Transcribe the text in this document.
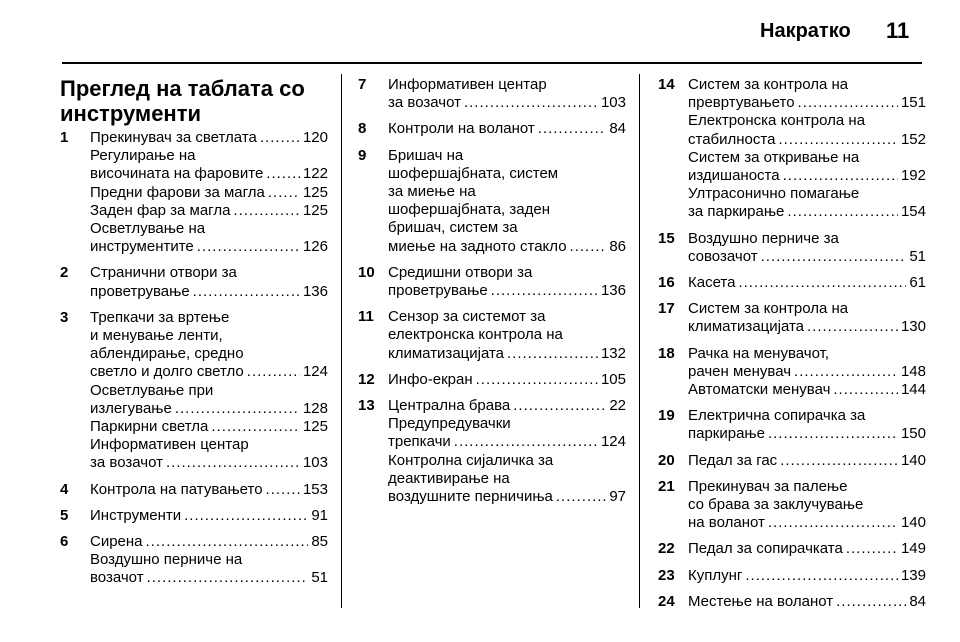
Накратко 11
Преглед на таблата со инструменти
1	Прекинувач за светлата .....	120
Регулирање на
височината на фаровите .....	122
Предни фарови за магла .....	125
Заден фар за магла .....	125
Осветлување на
инструментите .....	126
2	Странични отвори за
проветрување .....	136
3	Трепкачи за вртење
и менување ленти,
аблендирање, средно
светло и долго светло .....	124
Осветлување при
излегување .....	128
Паркирни светла .....	125
Информативен центар
за возачот .....	103
4	Контрола на патувањето .....	153
5	Инструменти .....	91
6	Сирена .....	85
Воздушно перниче на
возачот .....	51
7	Информативен центар
за возачот .....	103
8	Контроли на воланот .....	84
9	Бришач на
шофершајбната, систем
за миење на
шофершајбната, заден
бришач, систем за
миење на задното стакло .....	86
10 Средишни отвори за
проветрување .....	136
11 Сензор за системот за
електронска контрола на
климатизацијата .....	132
12 Инфо-екран .....	105
13 Централна брава .....	22
Предупредувачки
трепкачи .....	124
Контролна сијаличка за
деактивирање на
воздушните перничиња .....	97
14 Систем за контрола на
превртувањето .....	151
Електронска контрола на
стабилноста .....	152
Систем за откривање на
издишаноста .....	192
Ултрасонично помагање
за паркирање .....	154
15 Воздушно перниче за
совозачот .....	51
16 Касета .....	61
17 Систем за контрола на
климатизацијата .....	130
18 Рачка на менувачот,
рачен менувач .....	148
Автоматски менувач .....	144
19 Електрична сопирачка за
паркирање .....	150
20 Педал за гас .....	140
21 Прекинувач за палење
со брава за заклучување
на воланот .....	140
22 Педал за сопирачката .....	149
23 Куплунг .....	139
24 Местење на воланот .....	84
